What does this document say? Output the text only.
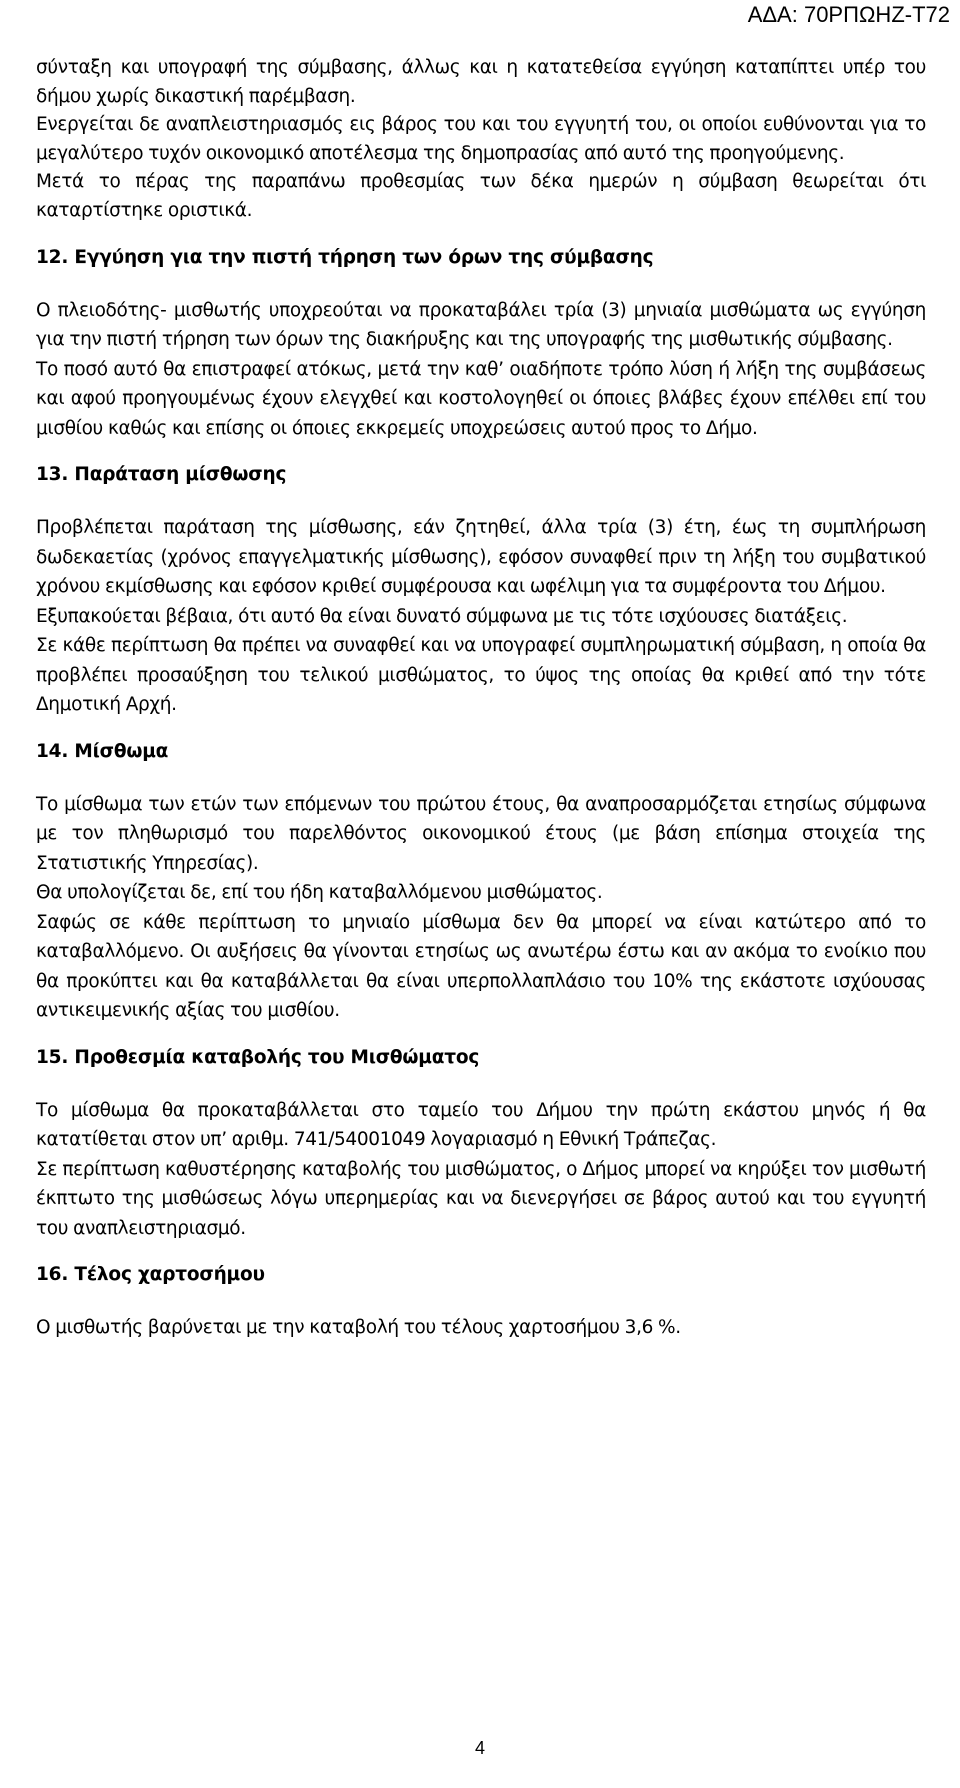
ΑΔΑ: 70ΡΠΩΗΖ-Τ72

σύνταξη και υπογραφή της σύμβασης, άλλως και η κατατεθείσα εγγύηση καταπίπτει υπέρ του δήμου χωρίς δικαστική παρέμβαση.

Ενεργείται δε αναπλειστηριασμός εις βάρος του και του εγγυητή του, οι οποίοι ευθύνονται για το μεγαλύτερο τυχόν οικονομικό αποτέλεσμα της δημοπρασίας από αυτό της προηγούμενης.

Μετά το πέρας της παραπάνω προθεσμίας των δέκα ημερών η σύμβαση θεωρείται ότι καταρτίστηκε οριστικά.

12. Εγγύηση για την πιστή τήρηση των όρων της σύμβασης

Ο πλειοδότης- μισθωτής υποχρεούται να προκαταβάλει τρία (3) μηνιαία μισθώματα ως εγγύηση για την πιστή τήρηση των όρων της διακήρυξης και της υπογραφής της μισθωτικής σύμβασης.

Το ποσό αυτό θα επιστραφεί ατόκως, μετά την καθ’ οιαδήποτε τρόπο λύση ή λήξη της συμβάσεως και αφού προηγουμένως έχουν ελεγχθεί και κοστολογηθεί οι όποιες βλάβες έχουν επέλθει επί του μισθίου καθώς και επίσης οι όποιες εκκρεμείς υποχρεώσεις αυτού προς το Δήμο.

13. Παράταση μίσθωσης

Προβλέπεται παράταση της μίσθωσης, εάν ζητηθεί, άλλα τρία (3) έτη, έως τη συμπλήρωση δωδεκαετίας (χρόνος επαγγελματικής μίσθωσης), εφόσον συναφθεί πριν τη λήξη του συμβατικού χρόνου εκμίσθωσης και εφόσον κριθεί συμφέρουσα και ωφέλιμη για τα συμφέροντα του Δήμου.

Εξυπακούεται βέβαια, ότι αυτό θα είναι δυνατό σύμφωνα με τις τότε ισχύουσες διατάξεις.

Σε κάθε περίπτωση θα πρέπει να συναφθεί και να υπογραφεί συμπληρωματική σύμβαση, η οποία θα προβλέπει προσαύξηση του τελικού μισθώματος, το ύψος της οποίας θα κριθεί από την τότε Δημοτική Αρχή.

14. Μίσθωμα

Το μίσθωμα των ετών των επόμενων του πρώτου έτους, θα αναπροσαρμόζεται ετησίως σύμφωνα με τον πληθωρισμό του παρελθόντος οικονομικού έτους (με βάση επίσημα στοιχεία της Στατιστικής Υπηρεσίας).

Θα υπολογίζεται δε, επί του ήδη καταβαλλόμενου μισθώματος.

Σαφώς σε κάθε περίπτωση το μηνιαίο μίσθωμα δεν θα μπορεί να είναι κατώτερο από το καταβαλλόμενο. Οι αυξήσεις θα γίνονται ετησίως ως ανωτέρω έστω και αν ακόμα το ενοίκιο που θα προκύπτει και θα καταβάλλεται θα είναι υπερπολλαπλάσιο του 10% της εκάστοτε ισχύουσας αντικειμενικής αξίας του μισθίου.

15. Προθεσμία καταβολής του Μισθώματος

Το μίσθωμα θα προκαταβάλλεται στο ταμείο του Δήμου την πρώτη εκάστου μηνός ή θα κατατίθεται στον υπ’ αριθμ. 741/54001049 λογαριασμό η Εθνική Τράπεζας.

Σε περίπτωση καθυστέρησης καταβολής του μισθώματος, ο Δήμος μπορεί να κηρύξει τον μισθωτή έκπτωτο της μισθώσεως λόγω υπερημερίας και να διενεργήσει σε βάρος αυτού και του εγγυητή του αναπλειστηριασμό.

16. Τέλος χαρτοσήμου

Ο μισθωτής βαρύνεται με την καταβολή του τέλους χαρτοσήμου 3,6 %.

4
